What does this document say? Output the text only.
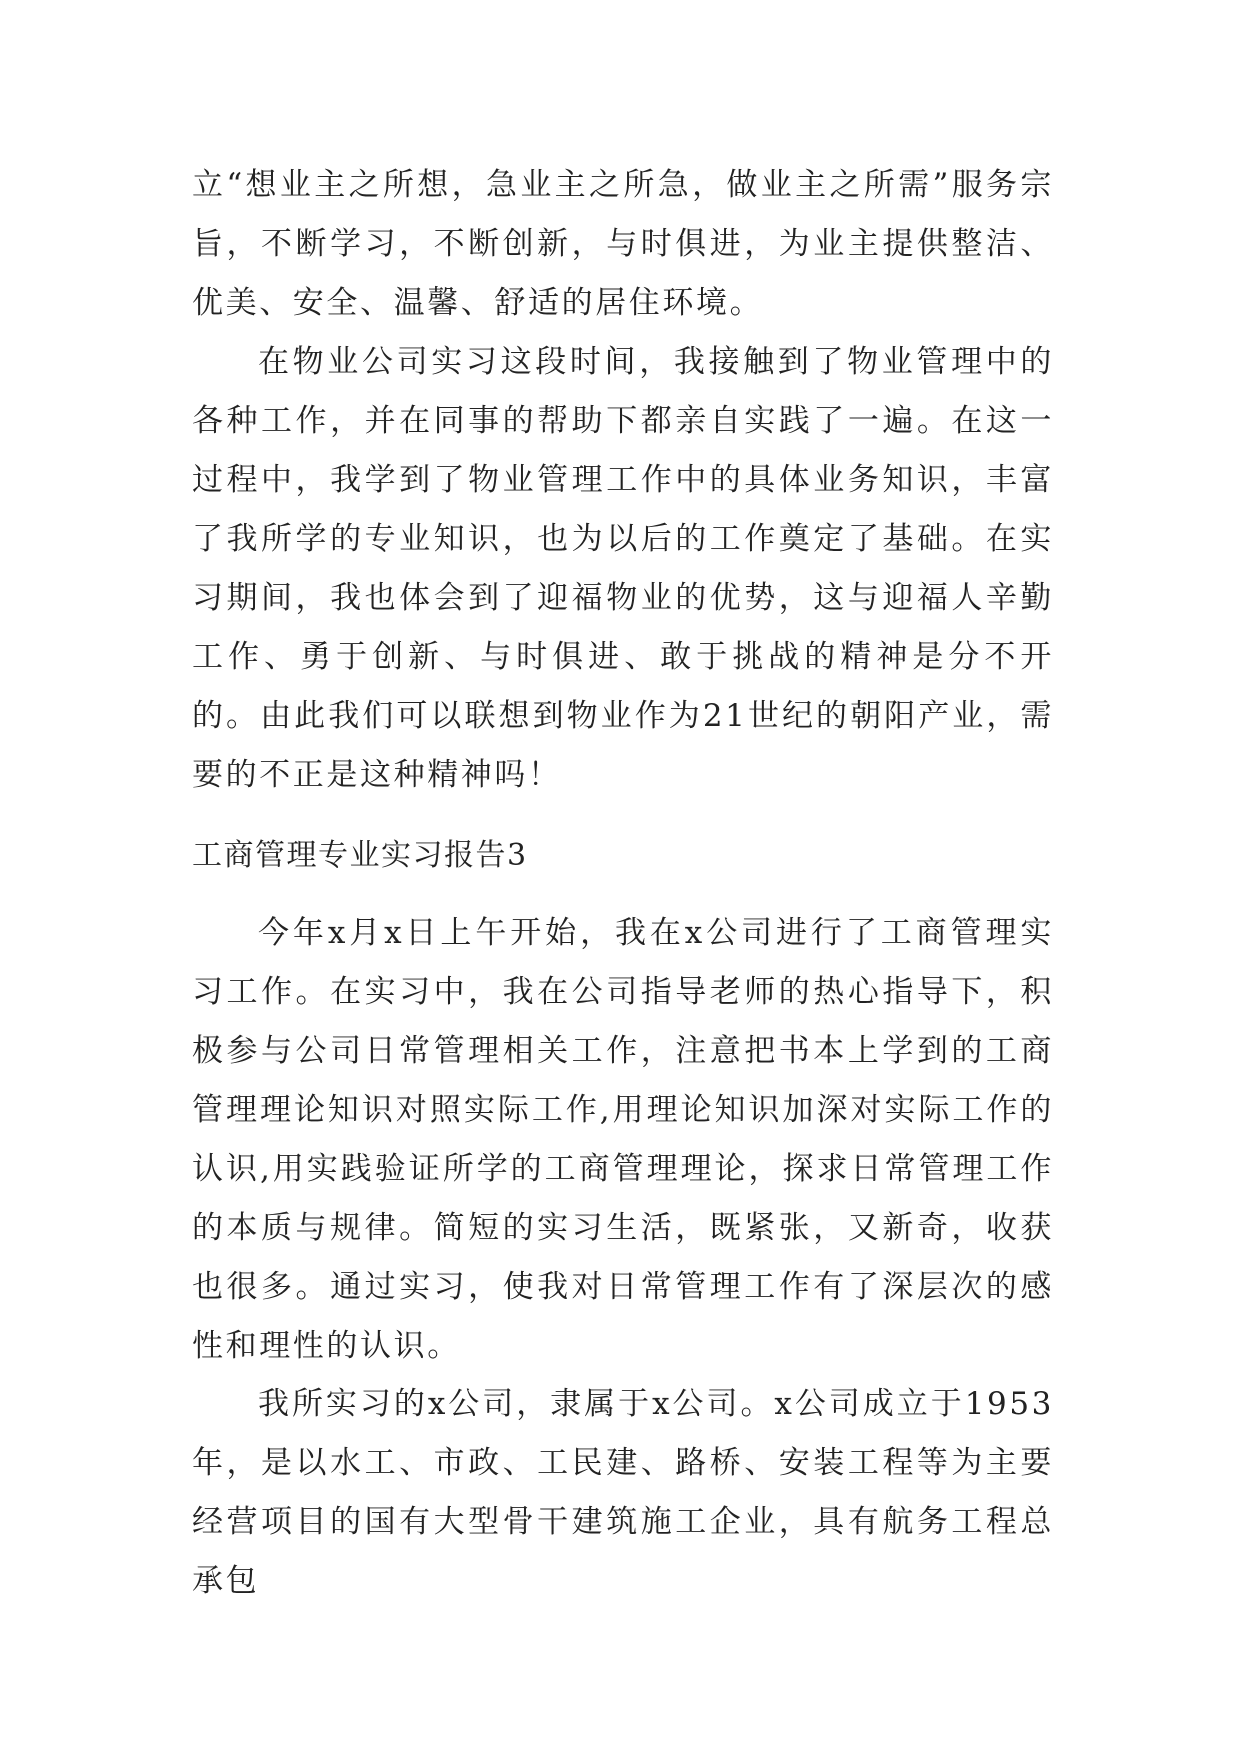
立“想业主之所想，急业主之所急，做业主之所需”服务宗旨，不断学习，不断创新，与时俱进，为业主提供整洁、优美、安全、温馨、舒适的居住环境。

在物业公司实习这段时间，我接触到了物业管理中的各种工作，并在同事的帮助下都亲自实践了一遍。在这一过程中，我学到了物业管理工作中的具体业务知识，丰富了我所学的专业知识，也为以后的工作奠定了基础。在实习期间，我也体会到了迎福物业的优势，这与迎福人辛勤工作、勇于创新、与时俱进、敢于挑战的精神是分不开的。由此我们可以联想到物业作为21世纪的朝阳产业，需要的不正是这种精神吗！

工商管理专业实习报告3

今年x月x日上午开始，我在x公司进行了工商管理实习工作。在实习中，我在公司指导老师的热心指导下，积极参与公司日常管理相关工作，注意把书本上学到的工商管理理论知识对照实际工作,用理论知识加深对实际工作的认识,用实践验证所学的工商管理理论，探求日常管理工作的本质与规律。简短的实习生活，既紧张，又新奇，收获也很多。通过实习，使我对日常管理工作有了深层次的感性和理性的认识。

我所实习的x公司，隶属于x公司。x公司成立于1953年，是以水工、市政、工民建、路桥、安装工程等为主要经营项目的国有大型骨干建筑施工企业，具有航务工程总承包
